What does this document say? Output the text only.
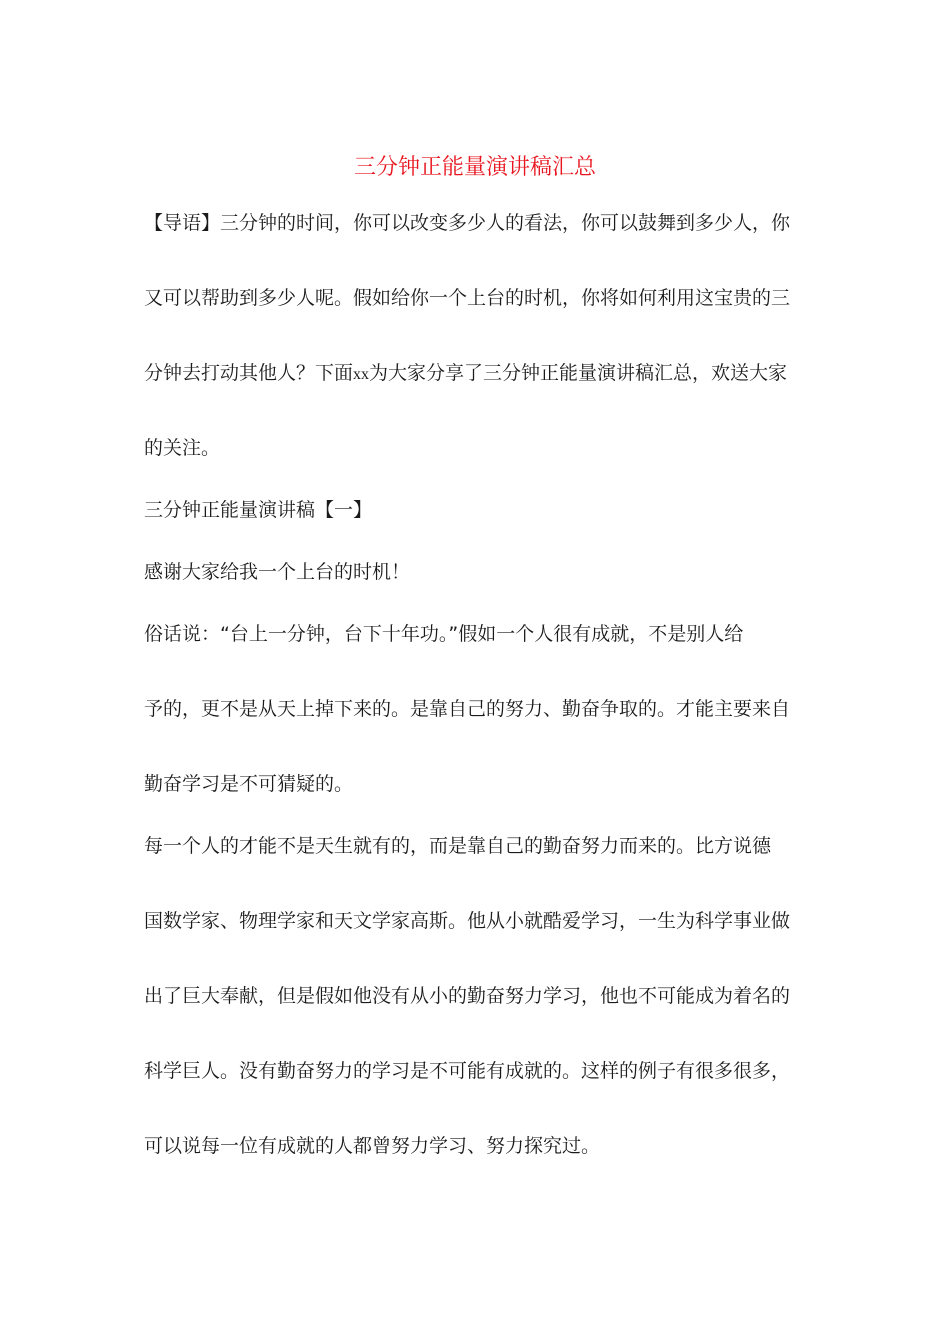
三分钟正能量演讲稿汇总
【导语】三分钟的时间，你可以改变多少人的看法，你可以鼓舞到多少人，你
又可以帮助到多少人呢。假如给你一个上台的时机，你将如何利用这宝贵的三
分钟去打动其他人？下面xx为大家分享了三分钟正能量演讲稿汇总，欢送大家
的关注。
三分钟正能量演讲稿【一】
感谢大家给我一个上台的时机！
俗话说：“台上一分钟，台下十年功。”假如一个人很有成就，不是别人给
予的，更不是从天上掉下来的。是靠自己的努力、勤奋争取的。才能主要来自
勤奋学习是不可猜疑的。
每一个人的才能不是天生就有的，而是靠自己的勤奋努力而来的。比方说德
国数学家、物理学家和天文学家高斯。他从小就酷爱学习，一生为科学事业做
出了巨大奉献，但是假如他没有从小的勤奋努力学习，他也不可能成为着名的
科学巨人。没有勤奋努力的学习是不可能有成就的。这样的例子有很多很多，
可以说每一位有成就的人都曾努力学习、努力探究过。
